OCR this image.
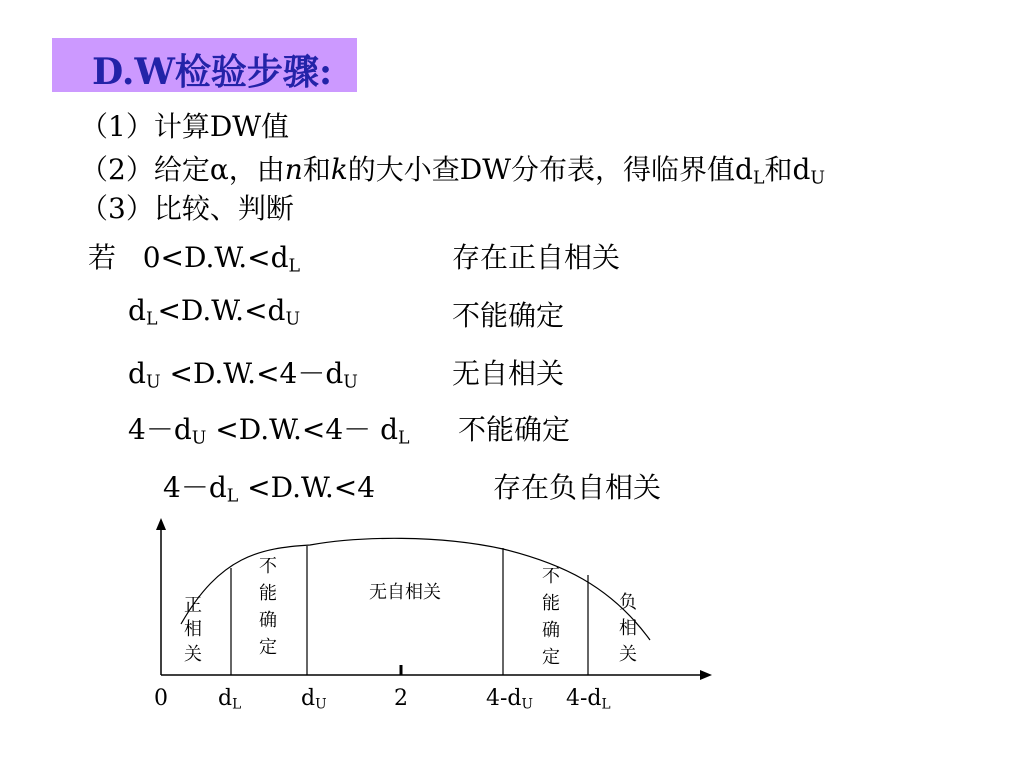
D.W检验步骤:
（1）计算DW值
（2）给定α，由n和k的大小查DW分布表，得临界值$d_L$和$d_U$
（3）比较、判断
若 $0<D.W.<d_L$	存在正自相关
$d_L<D.W.<d_U$	不能确定
$d_U <D.W.<4-d_U$	无自相关
$4-d_U <D.W.<4- d_L$ 不能确定
$4-d_L <D.W.<4$	存在负自相关
正
相
关
不
能
确
定
无自相关
不
能
确
定
负
相
关
0 $d_L$	$d_U$	2	$4-d_U$ $4-d_L$
